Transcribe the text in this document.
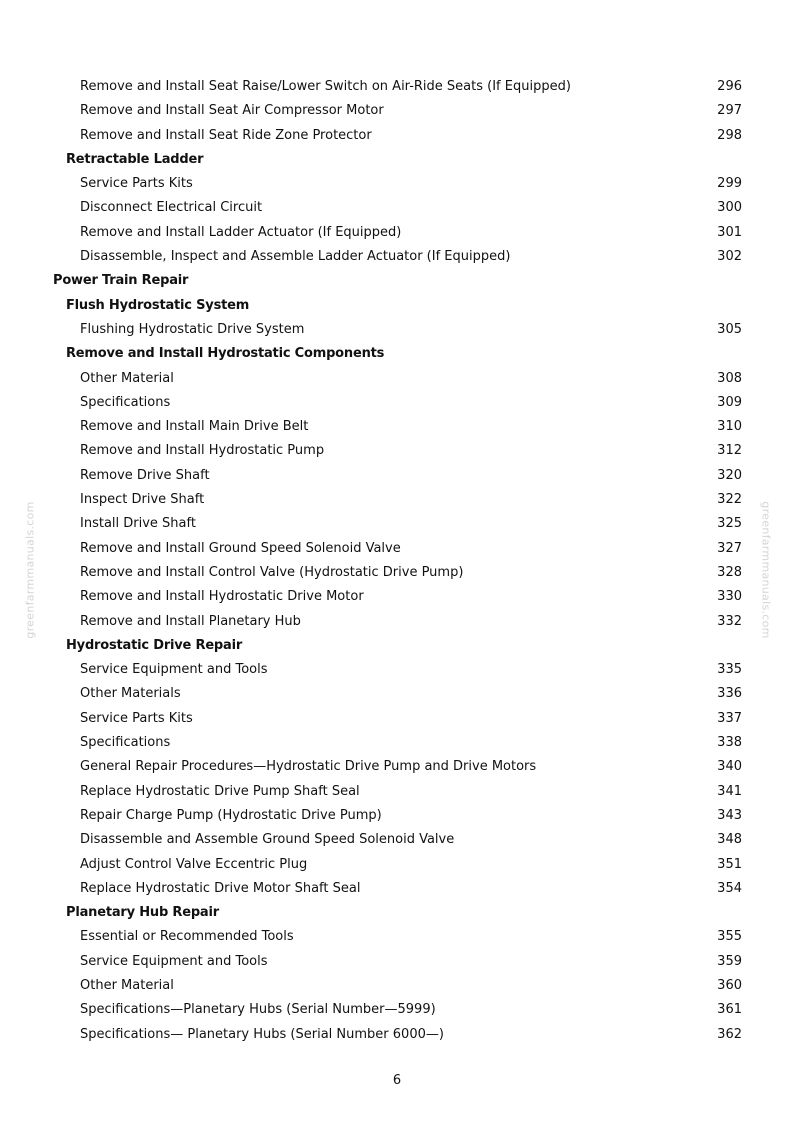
Remove and Install Seat Raise/Lower Switch on Air-Ride Seats (If Equipped)	296
Remove and Install Seat Air Compressor Motor	297
Remove and Install Seat Ride Zone Protector	298
Retractable Ladder
Service Parts Kits	299
Disconnect Electrical Circuit	300
Remove and Install Ladder Actuator (If Equipped)	301
Disassemble, Inspect and Assemble Ladder Actuator (If Equipped)	302
Power Train Repair
Flush Hydrostatic System
Flushing Hydrostatic Drive System	305
Remove and Install Hydrostatic Components
Other Material	308
Specifications	309
Remove and Install Main Drive Belt	310
Remove and Install Hydrostatic Pump	312
Remove Drive Shaft	320
Inspect Drive Shaft	322
Install Drive Shaft	325
Remove and Install Ground Speed Solenoid Valve	327
Remove and Install Control Valve (Hydrostatic Drive Pump)	328
Remove and Install Hydrostatic Drive Motor	330
Remove and Install Planetary Hub	332
Hydrostatic Drive Repair
Service Equipment and Tools	335
Other Materials	336
Service Parts Kits	337
Specifications	338
General Repair Procedures—Hydrostatic Drive Pump and Drive Motors	340
Replace Hydrostatic Drive Pump Shaft Seal	341
Repair Charge Pump (Hydrostatic Drive Pump)	343
Disassemble and Assemble Ground Speed Solenoid Valve	348
Adjust Control Valve Eccentric Plug	351
Replace Hydrostatic Drive Motor Shaft Seal	354
Planetary Hub Repair
Essential or Recommended Tools	355
Service Equipment and Tools	359
Other Material	360
Specifications—Planetary Hubs (Serial Number—5999)	361
Specifications— Planetary Hubs (Serial Number 6000—)	362
greenfarmmanuals.com	greenfarmmanuals.com
6
